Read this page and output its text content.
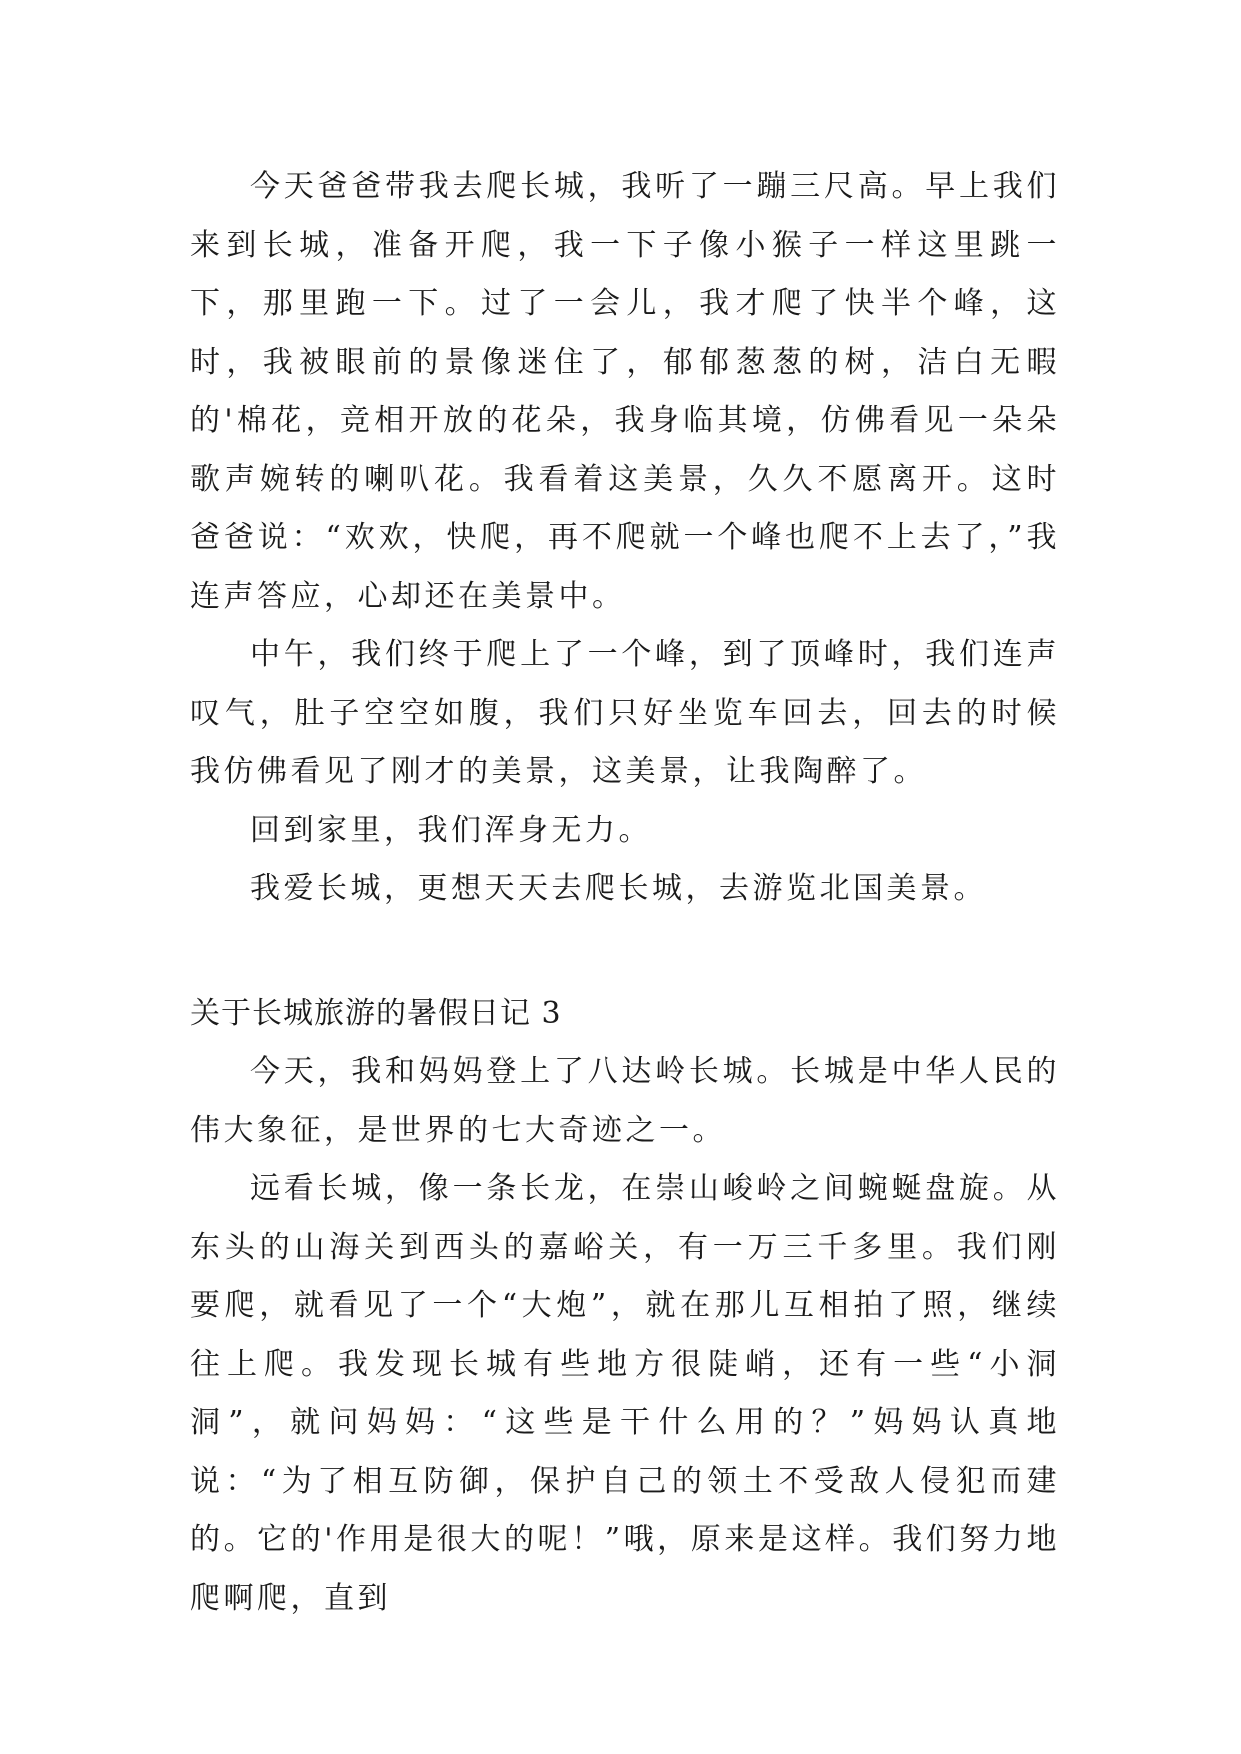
今天爸爸带我去爬长城，我听了一蹦三尺高。早上我们来到长城，准备开爬，我一下子像小猴子一样这里跳一下，那里跑一下。过了一会儿，我才爬了快半个峰，这时，我被眼前的景像迷住了，郁郁葱葱的树，洁白无暇的'棉花，竞相开放的花朵，我身临其境，仿佛看见一朵朵歌声婉转的喇叭花。我看着这美景，久久不愿离开。这时爸爸说：“欢欢，快爬，再不爬就一个峰也爬不上去了，”我连声答应，心却还在美景中。

中午，我们终于爬上了一个峰，到了顶峰时，我们连声叹气，肚子空空如腹，我们只好坐览车回去，回去的时候我仿佛看见了刚才的美景，这美景，让我陶醉了。

回到家里，我们浑身无力。

我爱长城，更想天天去爬长城，去游览北国美景。

关于长城旅游的暑假日记 3

今天，我和妈妈登上了八达岭长城。长城是中华人民的伟大象征，是世界的七大奇迹之一。

远看长城，像一条长龙，在崇山峻岭之间蜿蜒盘旋。从东头的山海关到西头的嘉峪关，有一万三千多里。我们刚要爬，就看见了一个“大炮”，就在那儿互相拍了照，继续往上爬。我发现长城有些地方很陡峭，还有一些“小洞洞”，就问妈妈：“这些是干什么用的？”妈妈认真地说：“为了相互防御，保护自己的领土不受敌人侵犯而建的。它的'作用是很大的呢！”哦，原来是这样。我们努力地爬啊爬，直到
